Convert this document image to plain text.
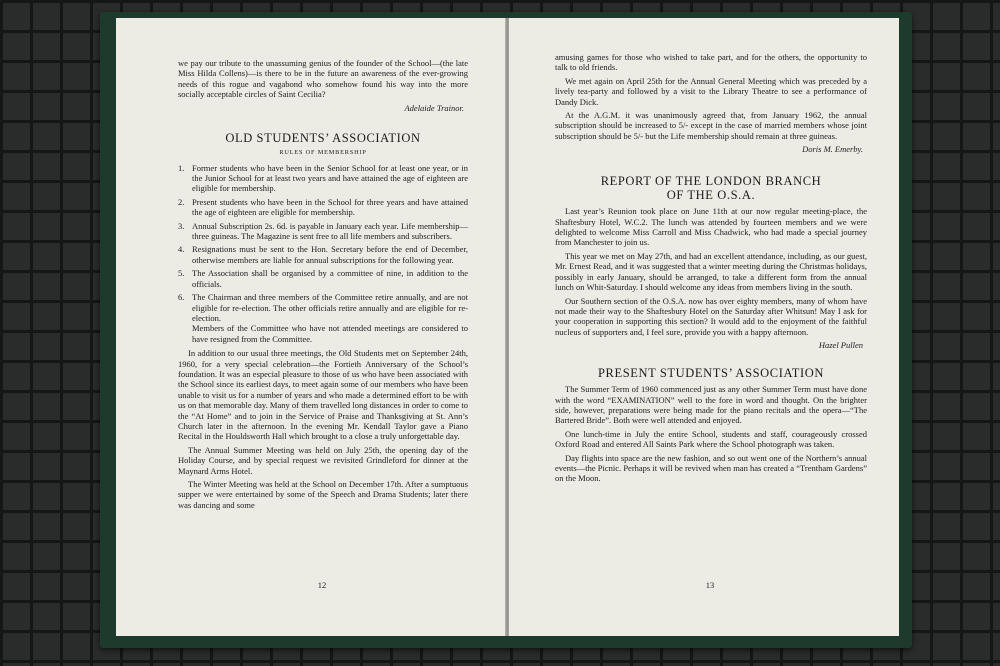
we pay our tribute to the unassuming genius of the founder of the School—(the late Miss Hilda Collens)—is there to be in the future an awareness of the ever-growing needs of this rogue and vagabond who somehow found his way into the more socially acceptable circles of Saint Cecilia?

Adelaide Trainor.
OLD STUDENTS’ ASSOCIATION
RULES OF MEMBERSHIP
1. Former students who have been in the Senior School for at least one year, or in the Junior School for at least two years and have attained the age of eighteen are eligible for membership.

2. Present students who have been in the School for three years and have attained the age of eighteen are eligible for membership.

3. Annual Subscription 2s. 6d. is payable in January each year. Life membership—three guineas. The Magazine is sent free to all life members and subscribers.

4. Resignations must be sent to the Hon. Secretary before the end of December, otherwise members are liable for annual subscriptions for the following year.

5. The Association shall be organised by a committee of nine, in addition to the officials.

6. The Chairman and three members of the Committee retire annually, and are not eligible for re-election. The other officials retire annually and are eligible for re-election.

Members of the Committee who have not attended meetings are considered to have resigned from the Committee.

In addition to our usual three meetings, the Old Students met on September 24th, 1960, for a very special celebration—the Fortieth Anniversary of the School’s foundation. It was an especial pleasure to those of us who have been associated with the School since its earliest days, to meet again some of our members who have been unable to visit us for a number of years and who made a determined effort to be with us on that memorable day. Many of them travelled long distances in order to come to the “At Home” and to join in the Service of Praise and Thanksgiving at St. Ann’s Church later in the afternoon. In the evening Mr. Kendall Taylor gave a Piano Recital in the Houldsworth Hall which brought to a close a truly unforgettable day.

The Annual Summer Meeting was held on July 25th, the opening day of the Holiday Course, and by special request we revisited Grindleford for dinner at the Maynard Arms Hotel.

The Winter Meeting was held at the School on December 17th. After a sumptuous supper we were entertained by some of the Speech and Drama Students; later there was dancing and some

12

amusing games for those who wished to take part, and for the others, the opportunity to talk to old friends.

We met again on April 25th for the Annual General Meeting which was preceded by a lively tea-party and followed by a visit to the Library Theatre to see a performance of Dandy Dick.

At the A.G.M. it was unanimously agreed that, from January 1962, the annual subscription should be increased to 5/- except in the case of married members whose joint subscription should be 5/- but the Life membership should remain at three guineas.

Doris M. Emerby.
REPORT OF THE LONDON BRANCH
OF THE O.S.A.

Last year’s Reunion took place on June 11th at our now regular meeting-place, the Shaftesbury Hotel, W.C.2. The lunch was attended by fourteen members and we were delighted to welcome Miss Carroll and Miss Chadwick, who had made a special journey from Manchester to join us.

This year we met on May 27th, and had an excellent attendance, including, as our guest, Mr. Ernest Read, and it was suggested that a winter meeting during the Christmas holidays, possibly in early January, should be arranged, to take a different form from the annual lunch on Whit-Saturday. I should welcome any ideas from members living in the south.

Our Southern section of the O.S.A. now has over eighty members, many of whom have not made their way to the Shaftesbury Hotel on the Saturday after Whitsun! May I ask for your cooperation in supporting this section? It would add to the enjoyment of the faithful nucleus of supporters and, I feel sure, provide you with a happy afternoon.

Hazel Pullen
PRESENT STUDENTS’ ASSOCIATION

The Summer Term of 1960 commenced just as any other Summer Term must have done with the word “EXAMINATION” well to the fore in word and thought. On the brighter side, however, preparations were being made for the piano recitals and the opera—“The Bartered Bride”. Both were well attended and enjoyed.

One lunch-time in July the entire School, students and staff, courageously crossed Oxford Road and entered All Saints Park where the School photograph was taken.

Day flights into space are the new fashion, and so out went one of the Northern’s annual events—the Picnic. Perhaps it will be revived when man has created a “Trentham Gardens” on the Moon.

13
